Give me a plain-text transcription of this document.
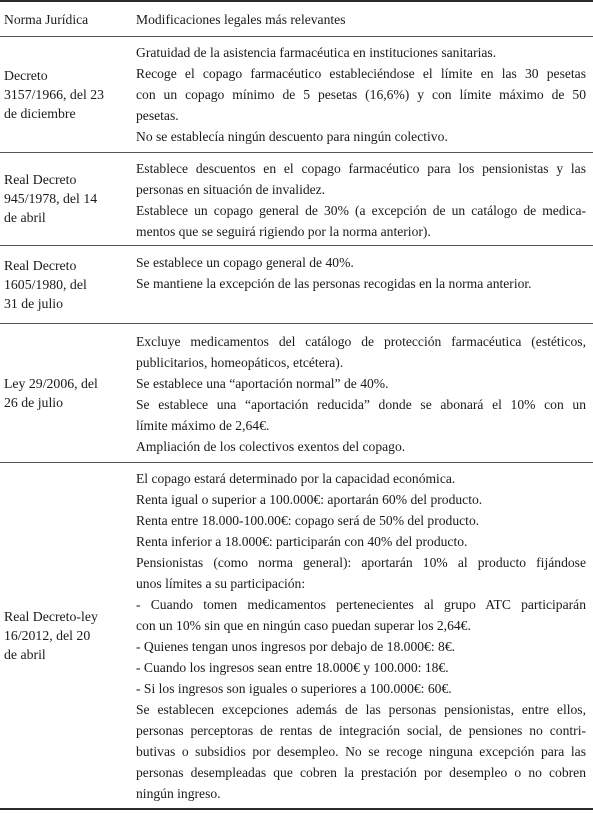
Norma Jurídica	Modificaciones legales más relevantes
Decreto
3157/1966, del 23
de diciembre
Gratuidad de la asistencia farmacéutica en instituciones sanitarias.
Recoge el copago farmacéutico estableciéndose el límite en las 30 pesetas
con un copago mínimo de 5 pesetas (16,6%) y con límite máximo de 50
pesetas.
No se establecía ningún descuento para ningún colectivo.
Real Decreto
945/1978, del 14
de abril
Establece descuentos en el copago farmacéutico para los pensionistas y las
personas en situación de invalidez.
Establece un copago general de 30% (a excepción de un catálogo de medica-
mentos que se seguirá rigiendo por la norma anterior).
Real Decreto
1605/1980, del
31 de julio
Se establece un copago general de 40%.
Se mantiene la excepción de las personas recogidas en la norma anterior.
Ley 29/2006, del
26 de julio
Excluye medicamentos del catálogo de protección farmacéutica (estéticos,
publicitarios, homeopáticos, etcétera).
Se establece una “aportación normal” de 40%.
Se establece una “aportación reducida” donde se abonará el 10% con un
límite máximo de 2,64€.
Ampliación de los colectivos exentos del copago.
Real Decreto-ley
16/2012, del 20
de abril
El copago estará determinado por la capacidad económica.
Renta igual o superior a 100.000€: aportarán 60% del producto.
Renta entre 18.000-100.00€: copago será de 50% del producto.
Renta inferior a 18.000€: participarán con 40% del producto.
Pensionistas (como norma general): aportarán 10% al producto fijándose
unos límites a su participación:
- Cuando tomen medicamentos pertenecientes al grupo ATC participarán
con un 10% sin que en ningún caso puedan superar los 2,64€.
- Quienes tengan unos ingresos por debajo de 18.000€: 8€.
- Cuando los ingresos sean entre 18.000€ y 100.000: 18€.
- Si los ingresos son iguales o superiores a 100.000€: 60€.
Se establecen excepciones además de las personas pensionistas, entre ellos,
personas perceptoras de rentas de integración social, de pensiones no contri-
butivas o subsidios por desempleo. No se recoge ninguna excepción para las
personas desempleadas que cobren la prestación por desempleo o no cobren
ningún ingreso.
